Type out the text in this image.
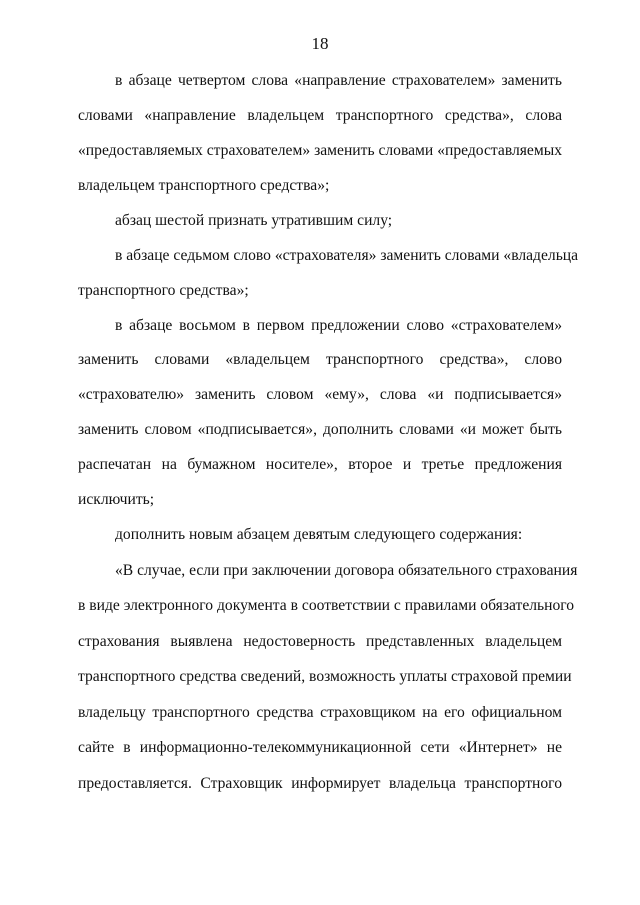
18
в абзаце четвертом слова «направление страхователем» заменить
словами «направление владельцем транспортного средства», слова
«предоставляемых страхователем» заменить словами «предоставляемых
владельцем транспортного средства»;
абзац шестой признать утратившим силу;
в абзаце седьмом слово «страхователя» заменить словами «владельца
транспортного средства»;
в абзаце восьмом в первом предложении слово «страхователем»
заменить словами «владельцем транспортного средства», слово
«страхователю» заменить словом «ему», слова «и подписывается»
заменить словом «подписывается», дополнить словами «и может быть
распечатан на бумажном носителе», второе и третье предложения
исключить;
дополнить новым абзацем девятым следующего содержания:
«В случае, если при заключении договора обязательного страхования
в виде электронного документа в соответствии с правилами обязательного
страхования выявлена недостоверность представленных владельцем
транспортного средства сведений, возможность уплаты страховой премии
владельцу транспортного средства страховщиком на его официальном
сайте в информационно-телекоммуникационной сети «Интернет» не
предоставляется. Страховщик информирует владельца транспортного
